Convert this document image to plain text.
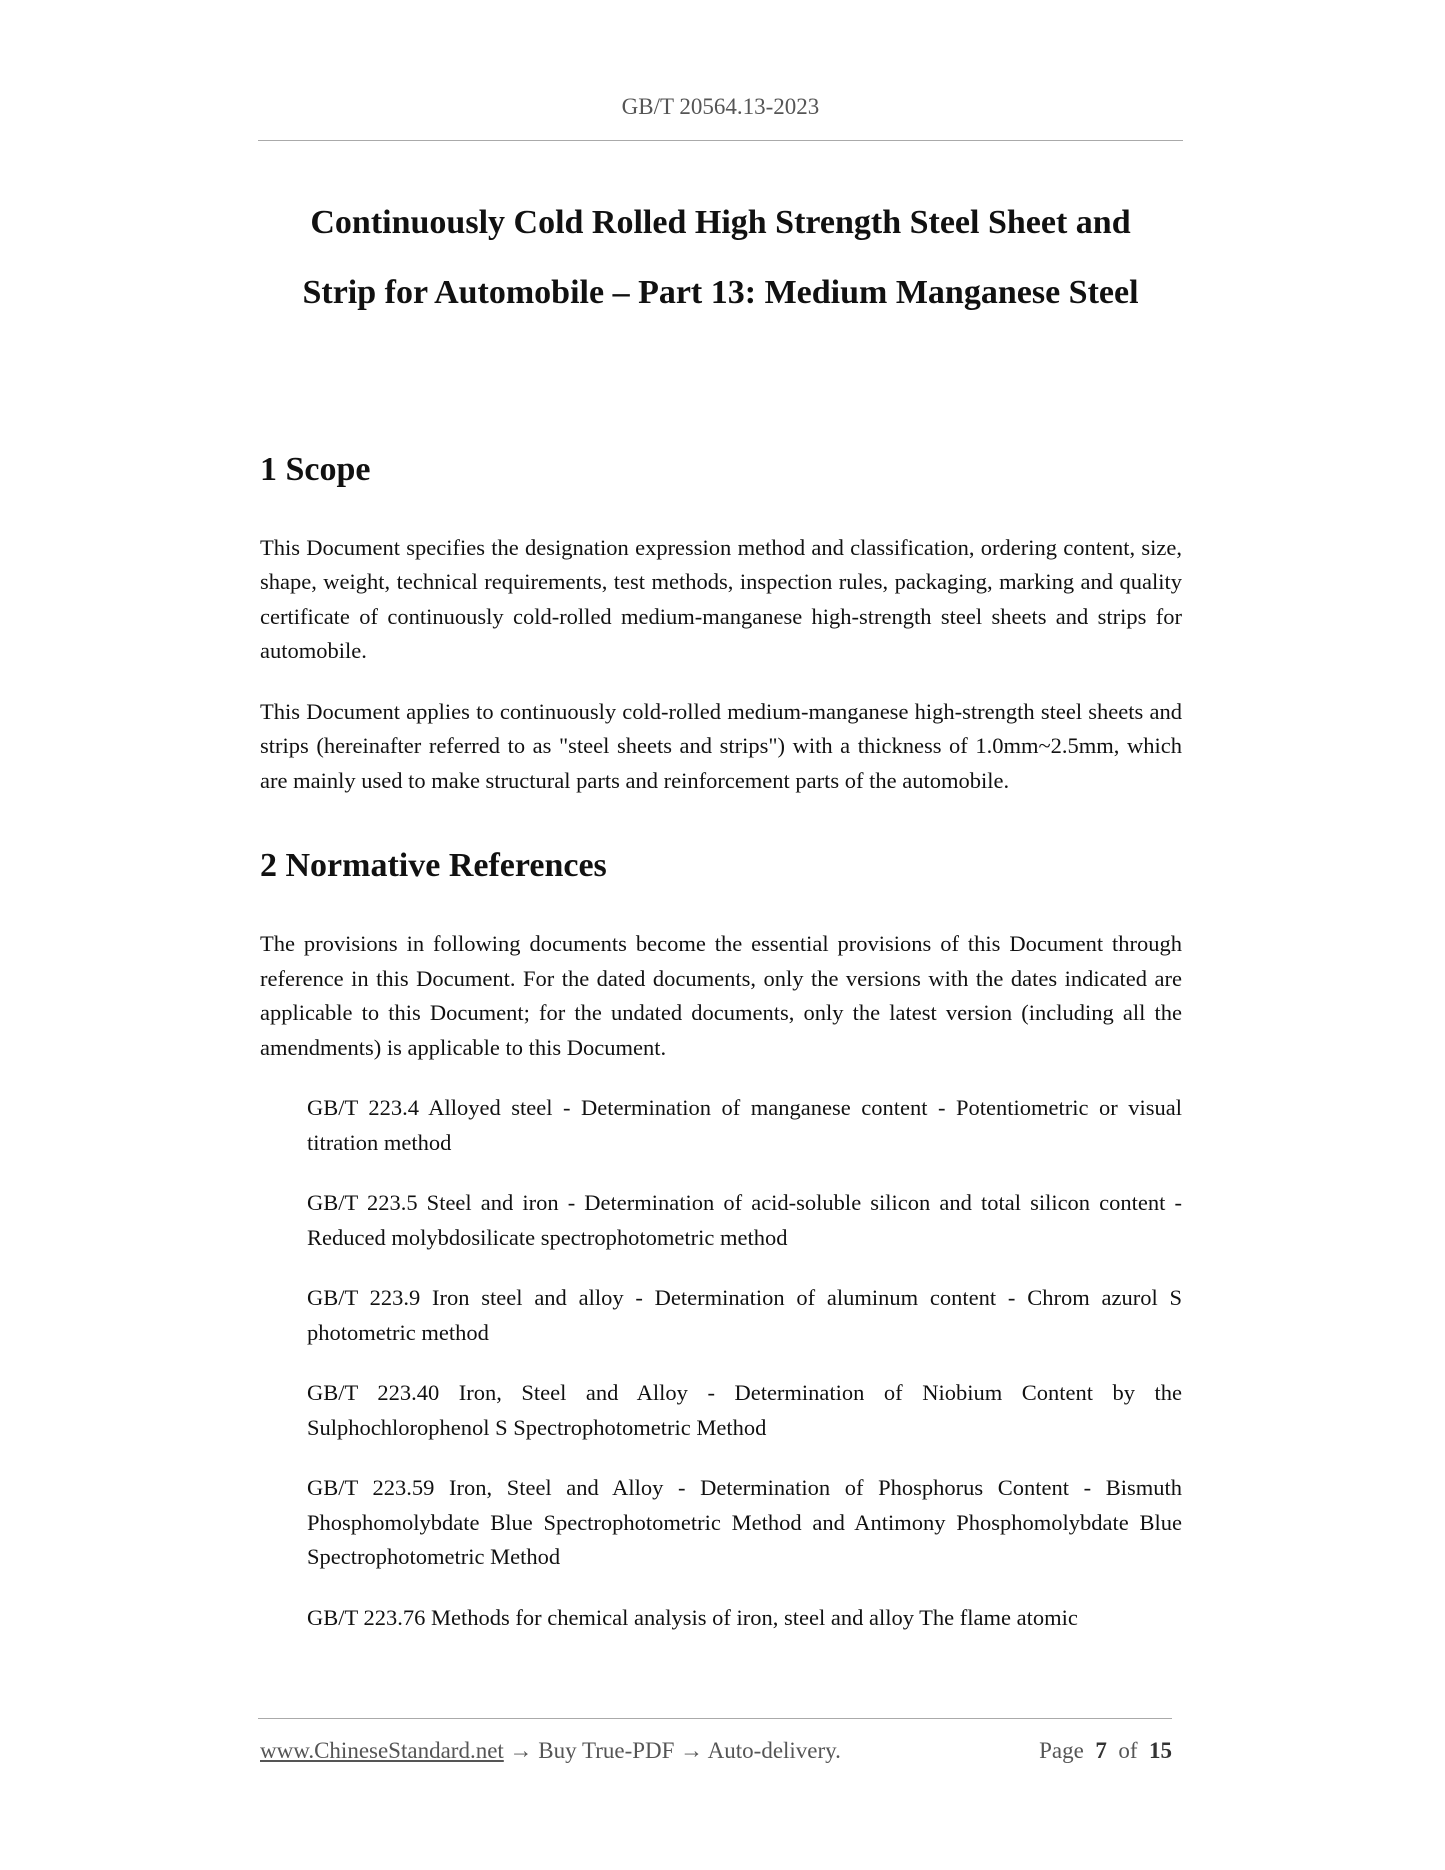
GB/T 20564.13-2023
Continuously Cold Rolled High Strength Steel Sheet and
Strip for Automobile – Part 13: Medium Manganese Steel
1 Scope

This Document specifies the designation expression method and classification, ordering content, size, shape, weight, technical requirements, test methods, inspection rules, packaging, marking and quality certificate of continuously cold-rolled medium-manganese high-strength steel sheets and strips for automobile.

This Document applies to continuously cold-rolled medium-manganese high-strength steel sheets and strips (hereinafter referred to as "steel sheets and strips") with a thickness of 1.0mm~2.5mm, which are mainly used to make structural parts and reinforcement parts of the automobile.

2 Normative References

The provisions in following documents become the essential provisions of this Document through reference in this Document. For the dated documents, only the versions with the dates indicated are applicable to this Document; for the undated documents, only the latest version (including all the amendments) is applicable to this Document.

GB/T 223.4 Alloyed steel - Determination of manganese content - Potentiometric or visual titration method

GB/T 223.5 Steel and iron - Determination of acid-soluble silicon and total silicon content - Reduced molybdosilicate spectrophotometric method

GB/T 223.9 Iron steel and alloy - Determination of aluminum content - Chrom azurol S photometric method

GB/T 223.40 Iron, Steel and Alloy - Determination of Niobium Content by the Sulphochlorophenol S Spectrophotometric Method

GB/T 223.59 Iron, Steel and Alloy - Determination of Phosphorus Content - Bismuth Phosphomolybdate Blue Spectrophotometric Method and Antimony Phosphomolybdate Blue Spectrophotometric Method

GB/T 223.76 Methods for chemical analysis of iron, steel and alloy The flame atomic

www.ChineseStandard.net → Buy True-PDF → Auto-delivery.	Page 7 of 15
